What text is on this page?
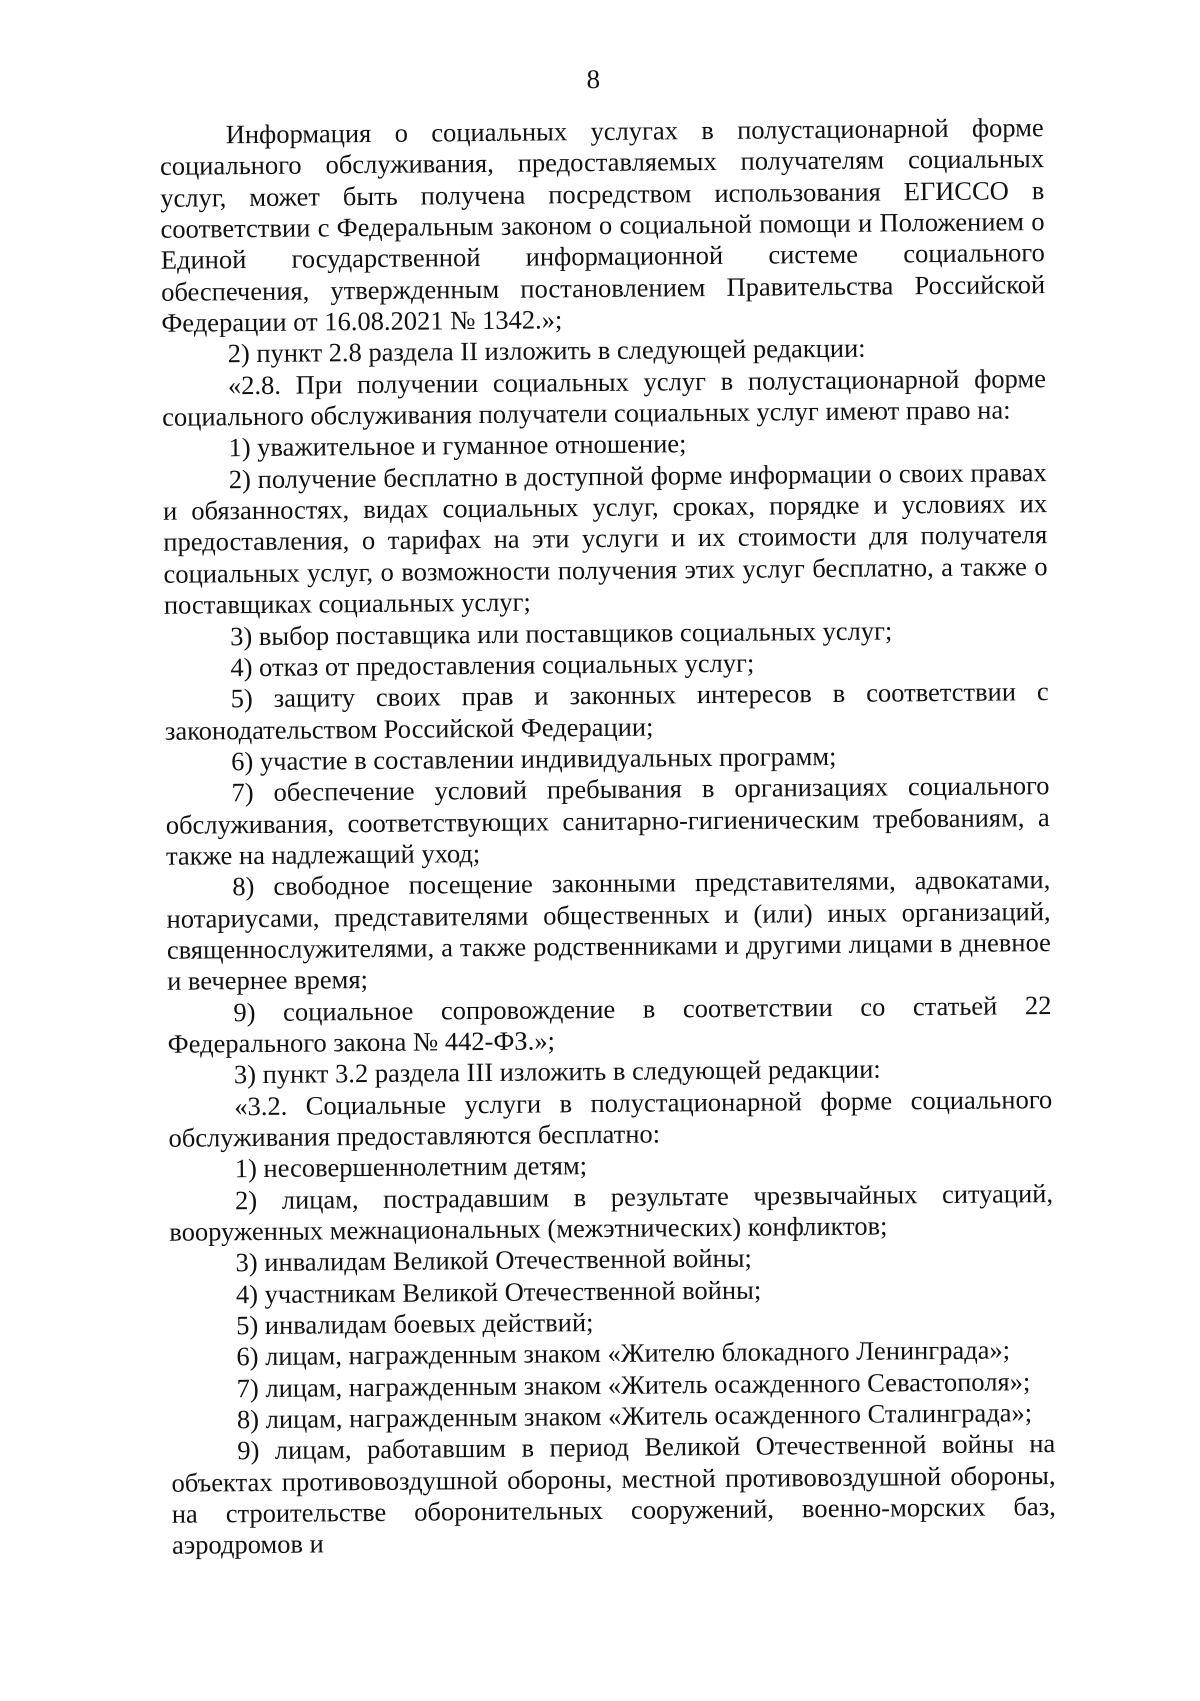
8

Информация о социальных услугах в полустационарной форме социального обслуживания, предоставляемых получателям социальных услуг, может быть получена посредством использования ЕГИССО в соответствии с Федеральным законом о социальной помощи и Положением о Единой государственной информационной системе социального обеспечения, утвержденным постановлением Правительства Российской Федерации от 16.08.2021 № 1342.»;

2) пункт 2.8 раздела II изложить в следующей редакции:

«2.8. При получении социальных услуг в полустационарной форме социального обслуживания получатели социальных услуг имеют право на:

1) уважительное и гуманное отношение;

2) получение бесплатно в доступной форме информации о своих правах и обязанностях, видах социальных услуг, сроках, порядке и условиях их предоставления, о тарифах на эти услуги и их стоимости для получателя социальных услуг, о возможности получения этих услуг бесплатно, а также о поставщиках социальных услуг;

3) выбор поставщика или поставщиков социальных услуг;

4) отказ от предоставления социальных услуг;

5) защиту своих прав и законных интересов в соответствии с законодательством Российской Федерации;

6) участие в составлении индивидуальных программ;

7) обеспечение условий пребывания в организациях социального обслуживания, соответствующих санитарно-гигиеническим требованиям, а также на надлежащий уход;

8) свободное посещение законными представителями, адвокатами, нотариусами, представителями общественных и (или) иных организаций, священнослужителями, а также родственниками и другими лицами в дневное и вечернее время;

9) социальное сопровождение в соответствии со статьей 22 Федерального закона № 442-ФЗ.»;

3) пункт 3.2 раздела III изложить в следующей редакции:

«3.2. Социальные услуги в полустационарной форме социального обслуживания предоставляются бесплатно:

1) несовершеннолетним детям;

2) лицам, пострадавшим в результате чрезвычайных ситуаций, вооруженных межнациональных (межэтнических) конфликтов;

3) инвалидам Великой Отечественной войны;

4) участникам Великой Отечественной войны;

5) инвалидам боевых действий;

6) лицам, награжденным знаком «Жителю блокадного Ленинграда»;

7) лицам, награжденным знаком «Житель осажденного Севастополя»;

8) лицам, награжденным знаком «Житель осажденного Сталинграда»;

9) лицам, работавшим в период Великой Отечественной войны на объектах противовоздушной обороны, местной противовоздушной обороны, на строительстве оборонительных сооружений, военно-морских баз, аэродромов и
